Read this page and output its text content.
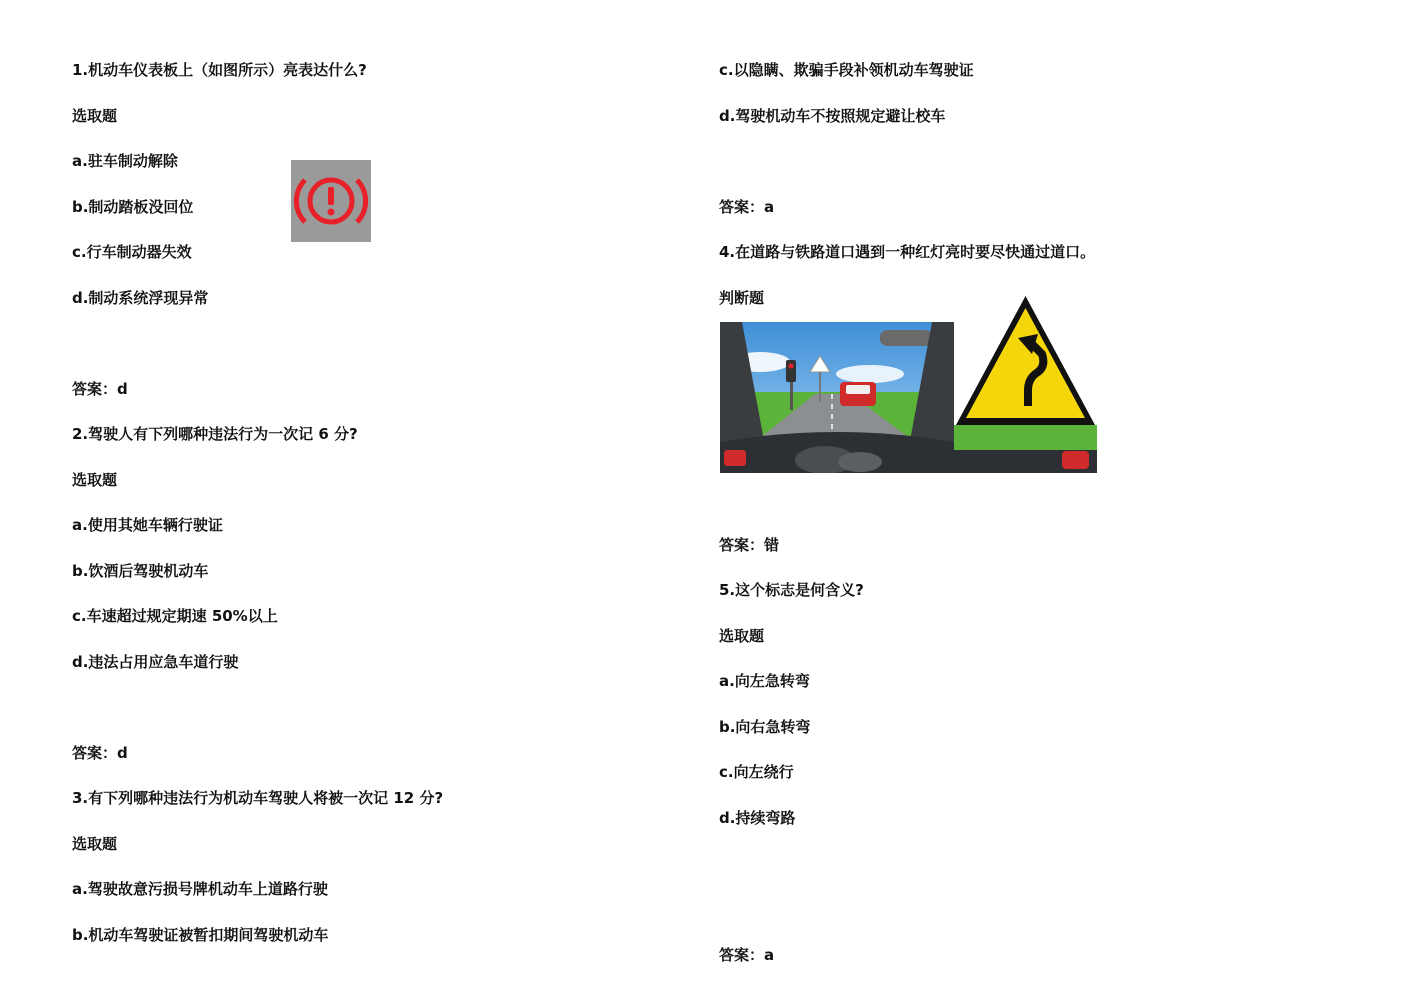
1.机动车仪表板上（如图所示）亮表达什么?
选取题
a.驻车制动解除
b.制动踏板没回位
c.行车制动器失效
d.制动系统浮现异常
答案：d
2.驾驶人有下列哪种违法行为一次记 6 分?
选取题
a.使用其她车辆行驶证
b.饮酒后驾驶机动车
c.车速超过规定期速 50%以上
d.违法占用应急车道行驶
答案：d
3.有下列哪种违法行为机动车驾驶人将被一次记 12 分?
选取题
a.驾驶故意污损号牌机动车上道路行驶
b.机动车驾驶证被暂扣期间驾驶机动车
c.以隐瞒、欺骗手段补领机动车驾驶证
d.驾驶机动车不按照规定避让校车
答案：a
4.在道路与铁路道口遇到一种红灯亮时要尽快通过道口。
判断题
答案：错
5.这个标志是何含义?
选取题
a.向左急转弯
b.向右急转弯
c.向左绕行
d.持续弯路
答案：a
